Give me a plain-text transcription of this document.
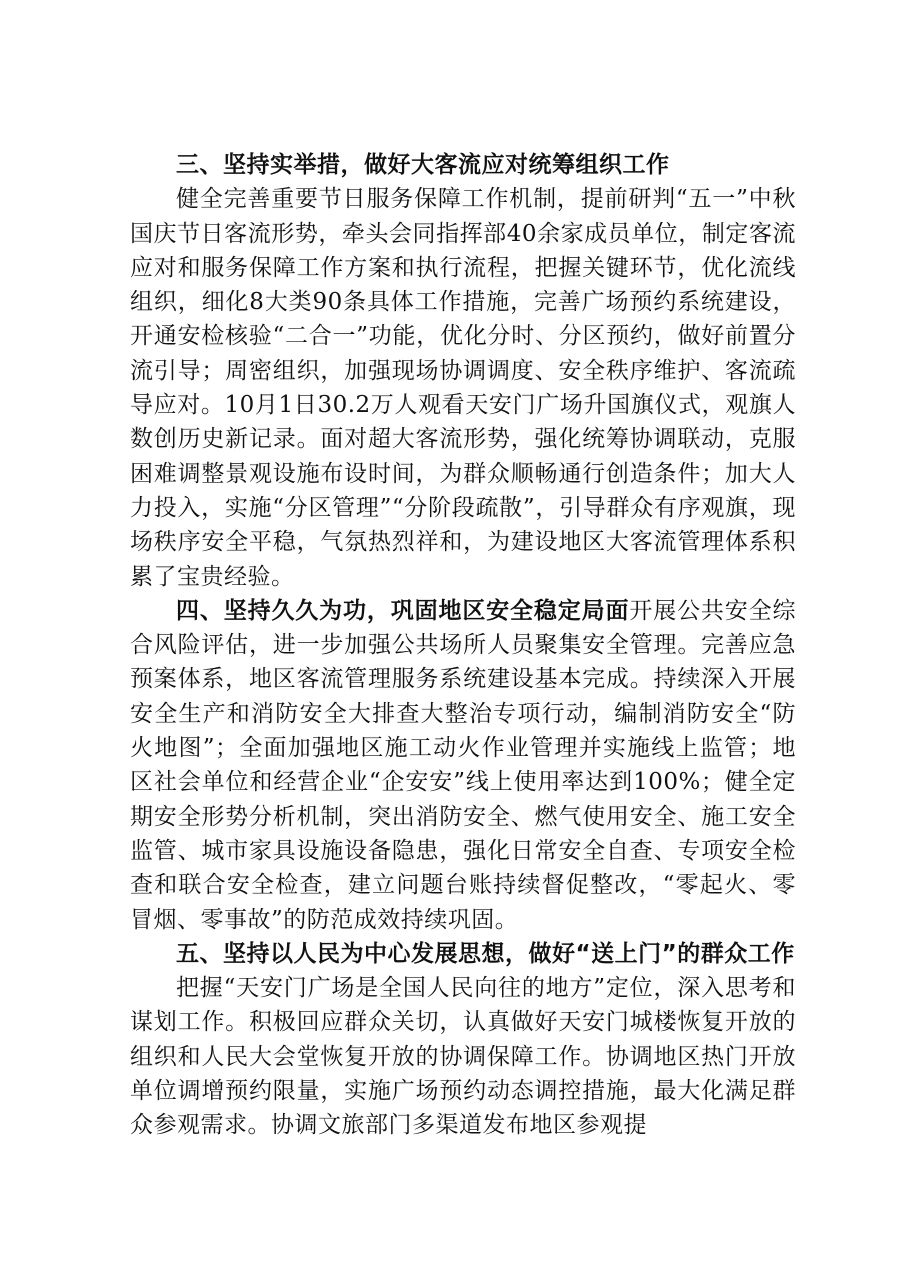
三、坚持实举措，做好大客流应对统筹组织工作

健全完善重要节日服务保障工作机制，提前研判“五一”中秋国庆节日客流形势，牵头会同指挥部40余家成员单位，制定客流应对和服务保障工作方案和执行流程，把握关键环节，优化流线组织，细化8大类90条具体工作措施，完善广场预约系统建设，开通安检核验“二合一”功能，优化分时、分区预约，做好前置分流引导；周密组织，加强现场协调调度、安全秩序维护、客流疏导应对。10月1日30.2万人观看天安门广场升国旗仪式，观旗人数创历史新记录。面对超大客流形势，强化统筹协调联动，克服困难调整景观设施布设时间，为群众顺畅通行创造条件；加大人力投入，实施“分区管理”“分阶段疏散”，引导群众有序观旗，现场秩序安全平稳，气氛热烈祥和，为建设地区大客流管理体系积累了宝贵经验。

四、坚持久久为功，巩固地区安全稳定局面开展公共安全综合风险评估，进一步加强公共场所人员聚集安全管理。完善应急预案体系，地区客流管理服务系统建设基本完成。持续深入开展安全生产和消防安全大排查大整治专项行动，编制消防安全“防火地图”；全面加强地区施工动火作业管理并实施线上监管；地区社会单位和经营企业“企安安”线上使用率达到100%；健全定期安全形势分析机制，突出消防安全、燃气使用安全、施工安全监管、城市家具设施设备隐患，强化日常安全自查、专项安全检查和联合安全检查，建立问题台账持续督促整改，“零起火、零冒烟、零事故”的防范成效持续巩固。

五、坚持以人民为中心发展思想，做好“送上门”的群众工作

把握“天安门广场是全国人民向往的地方”定位，深入思考和谋划工作。积极回应群众关切，认真做好天安门城楼恢复开放的组织和人民大会堂恢复开放的协调保障工作。协调地区热门开放单位调增预约限量，实施广场预约动态调控措施，最大化满足群众参观需求。协调文旅部门多渠道发布地区参观提
